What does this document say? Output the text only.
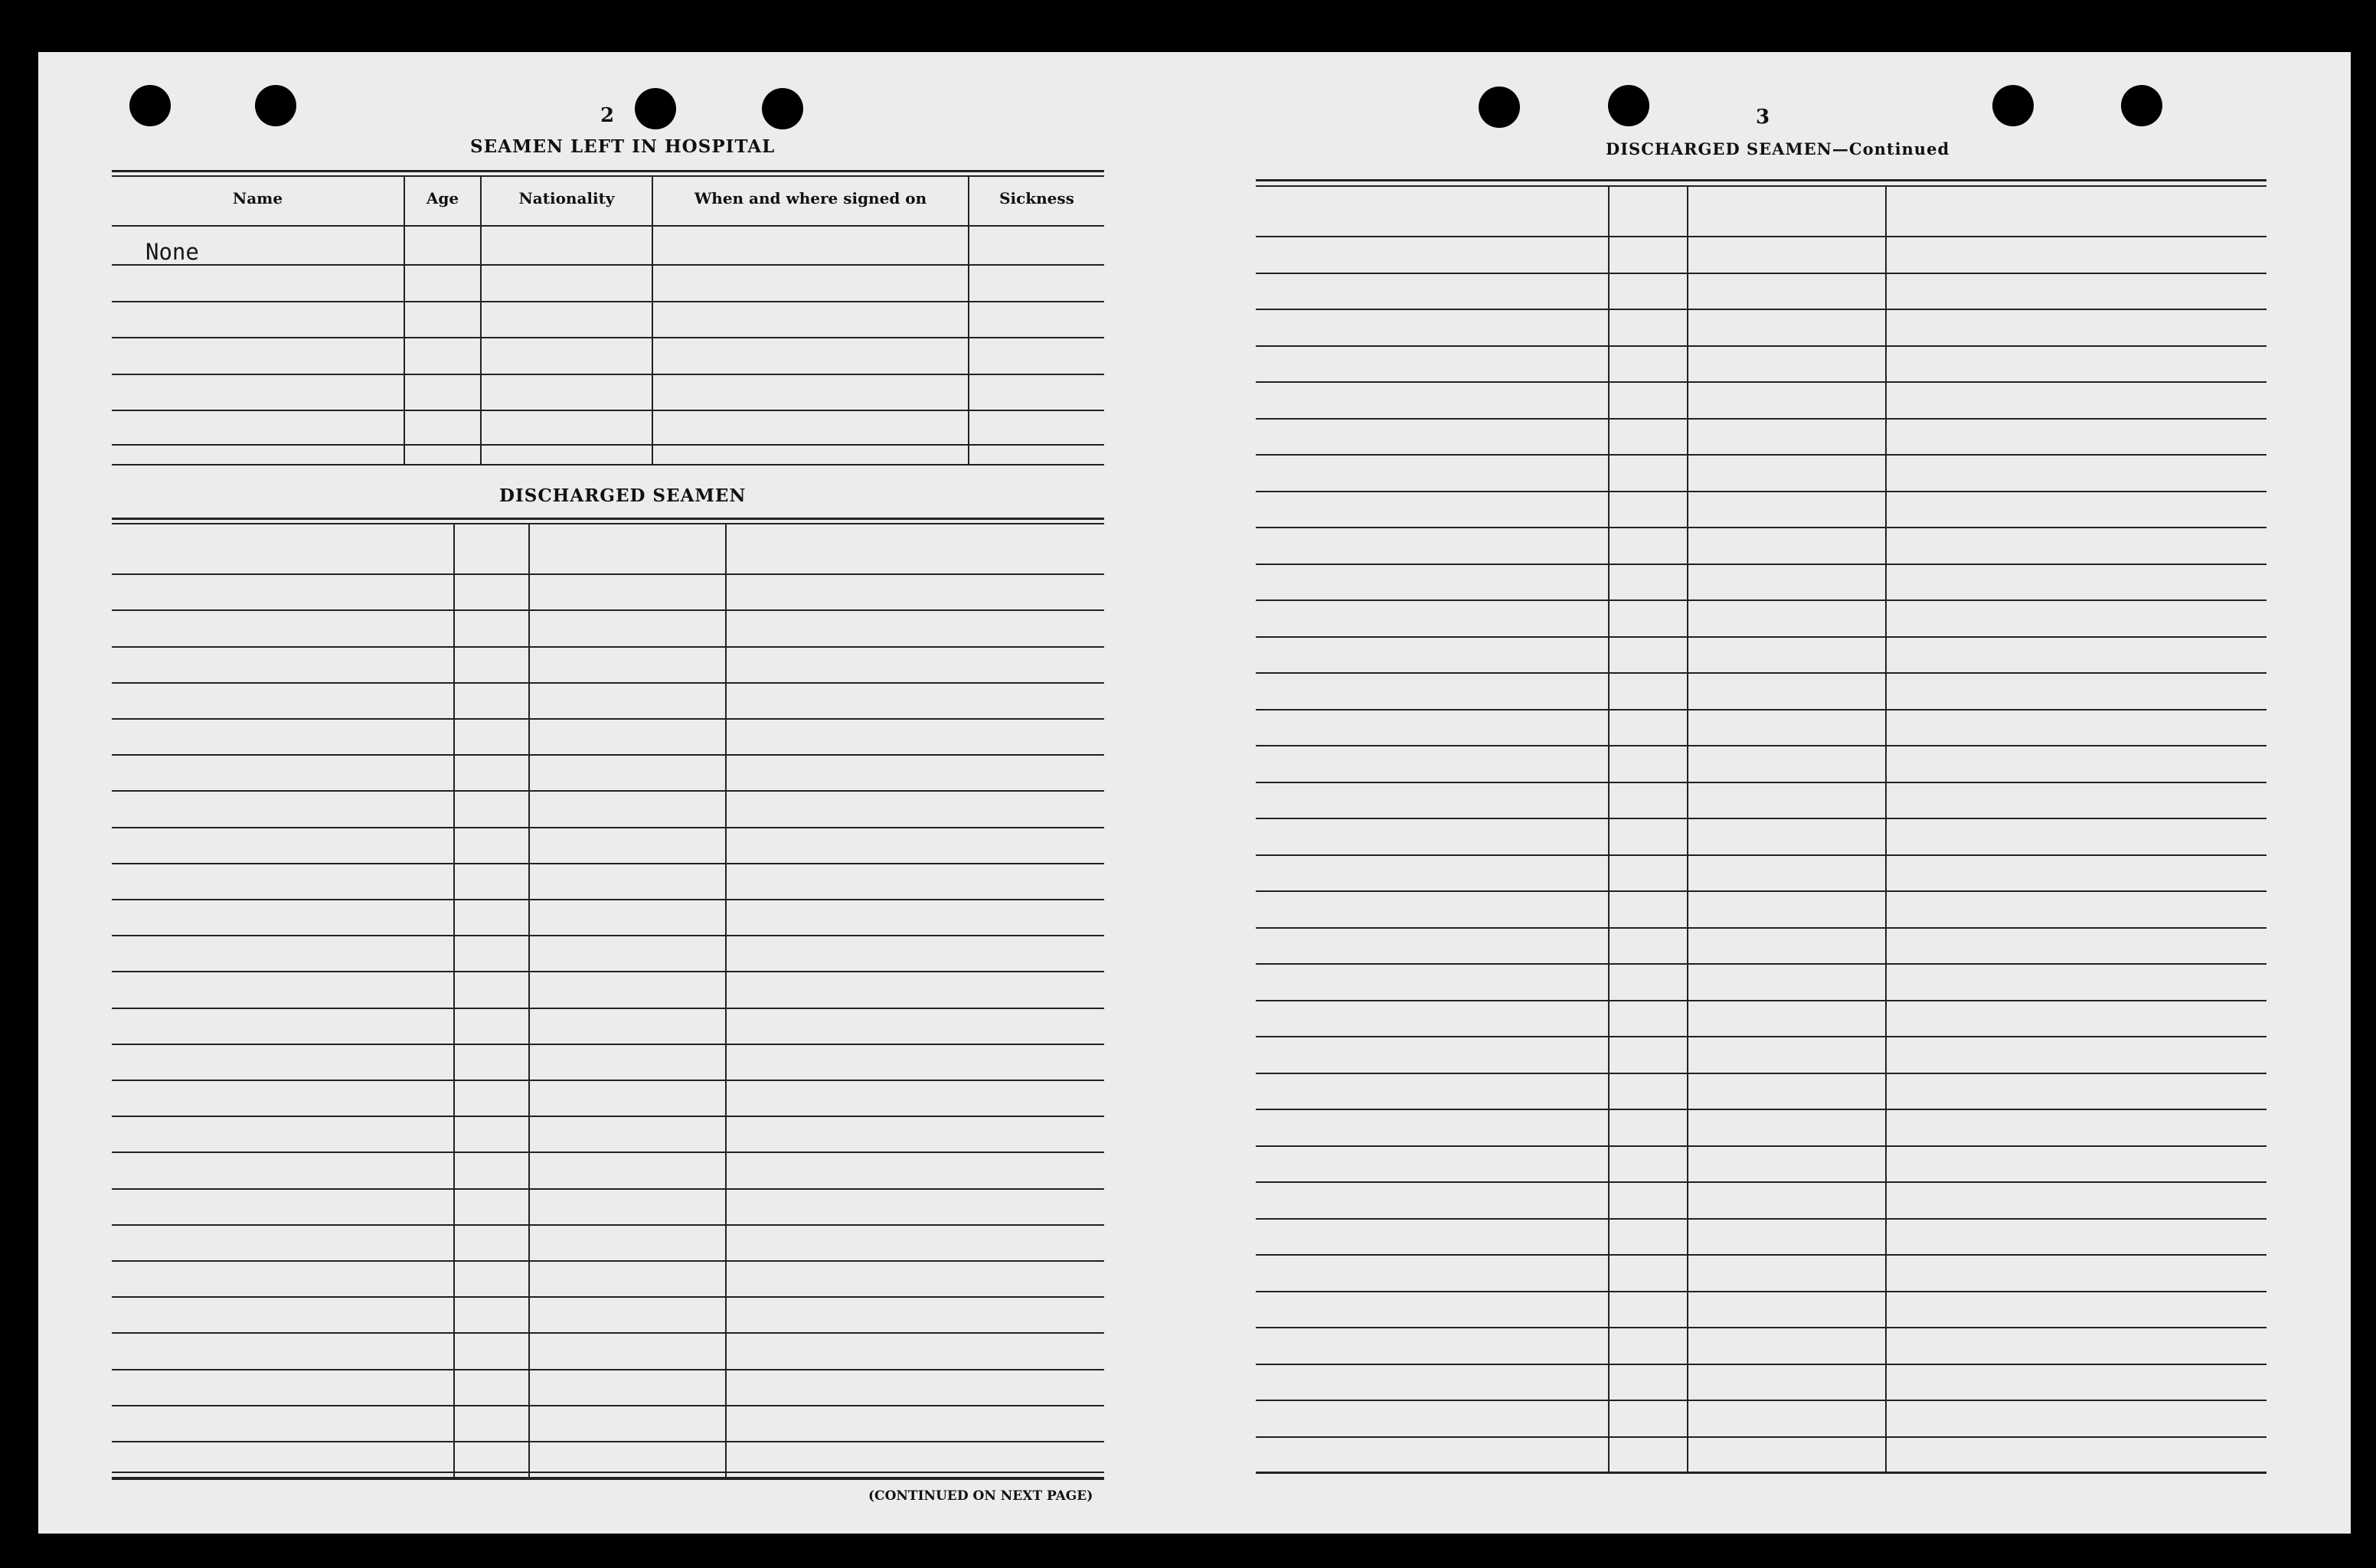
2
SEAMEN LEFT IN HOSPITAL
Name	Age	Nationality	When and where signed on	Sickness
None
DISCHARGED SEAMEN
(CONTINUED ON NEXT PAGE)
3
DISCHARGED SEAMEN—Continued
